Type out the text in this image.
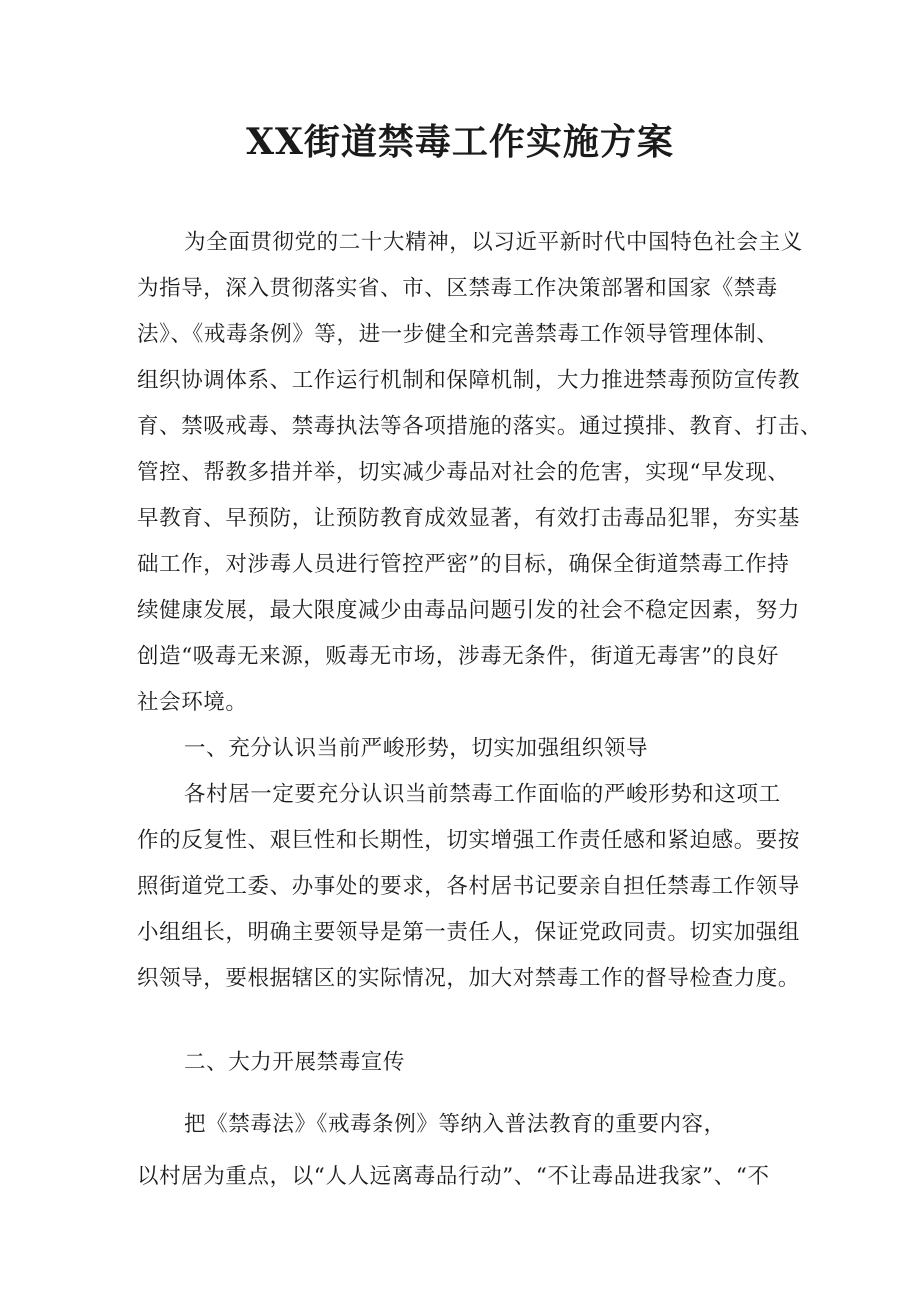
XX街道禁毒工作实施方案
为全面贯彻党的二十大精神，以习近平新时代中国特色社会主义
为指导，深入贯彻落实省、市、区禁毒工作决策部署和国家《禁毒
法》、《戒毒条例》等，进一步健全和完善禁毒工作领导管理体制、
组织协调体系、工作运行机制和保障机制，大力推进禁毒预防宣传教
育、禁吸戒毒、禁毒执法等各项措施的落实。通过摸排、教育、打击、
管控、帮教多措并举，切实减少毒品对社会的危害，实现“早发现、
早教育、早预防，让预防教育成效显著，有效打击毒品犯罪，夯实基
础工作，对涉毒人员进行管控严密”的目标，确保全街道禁毒工作持
续健康发展，最大限度减少由毒品问题引发的社会不稳定因素，努力
创造“吸毒无来源，贩毒无市场，涉毒无条件，街道无毒害”的良好
社会环境。
一、充分认识当前严峻形势，切实加强组织领导
各村居一定要充分认识当前禁毒工作面临的严峻形势和这项工
作的反复性、艰巨性和长期性，切实增强工作责任感和紧迫感。要按
照街道党工委、办事处的要求，各村居书记要亲自担任禁毒工作领导
小组组长，明确主要领导是第一责任人，保证党政同责。切实加强组
织领导，要根据辖区的实际情况，加大对禁毒工作的督导检查力度。
二、大力开展禁毒宣传
把《禁毒法》《戒毒条例》等纳入普法教育的重要内容，
以村居为重点，以“人人远离毒品行动”、“不让毒品进我家”、“不
